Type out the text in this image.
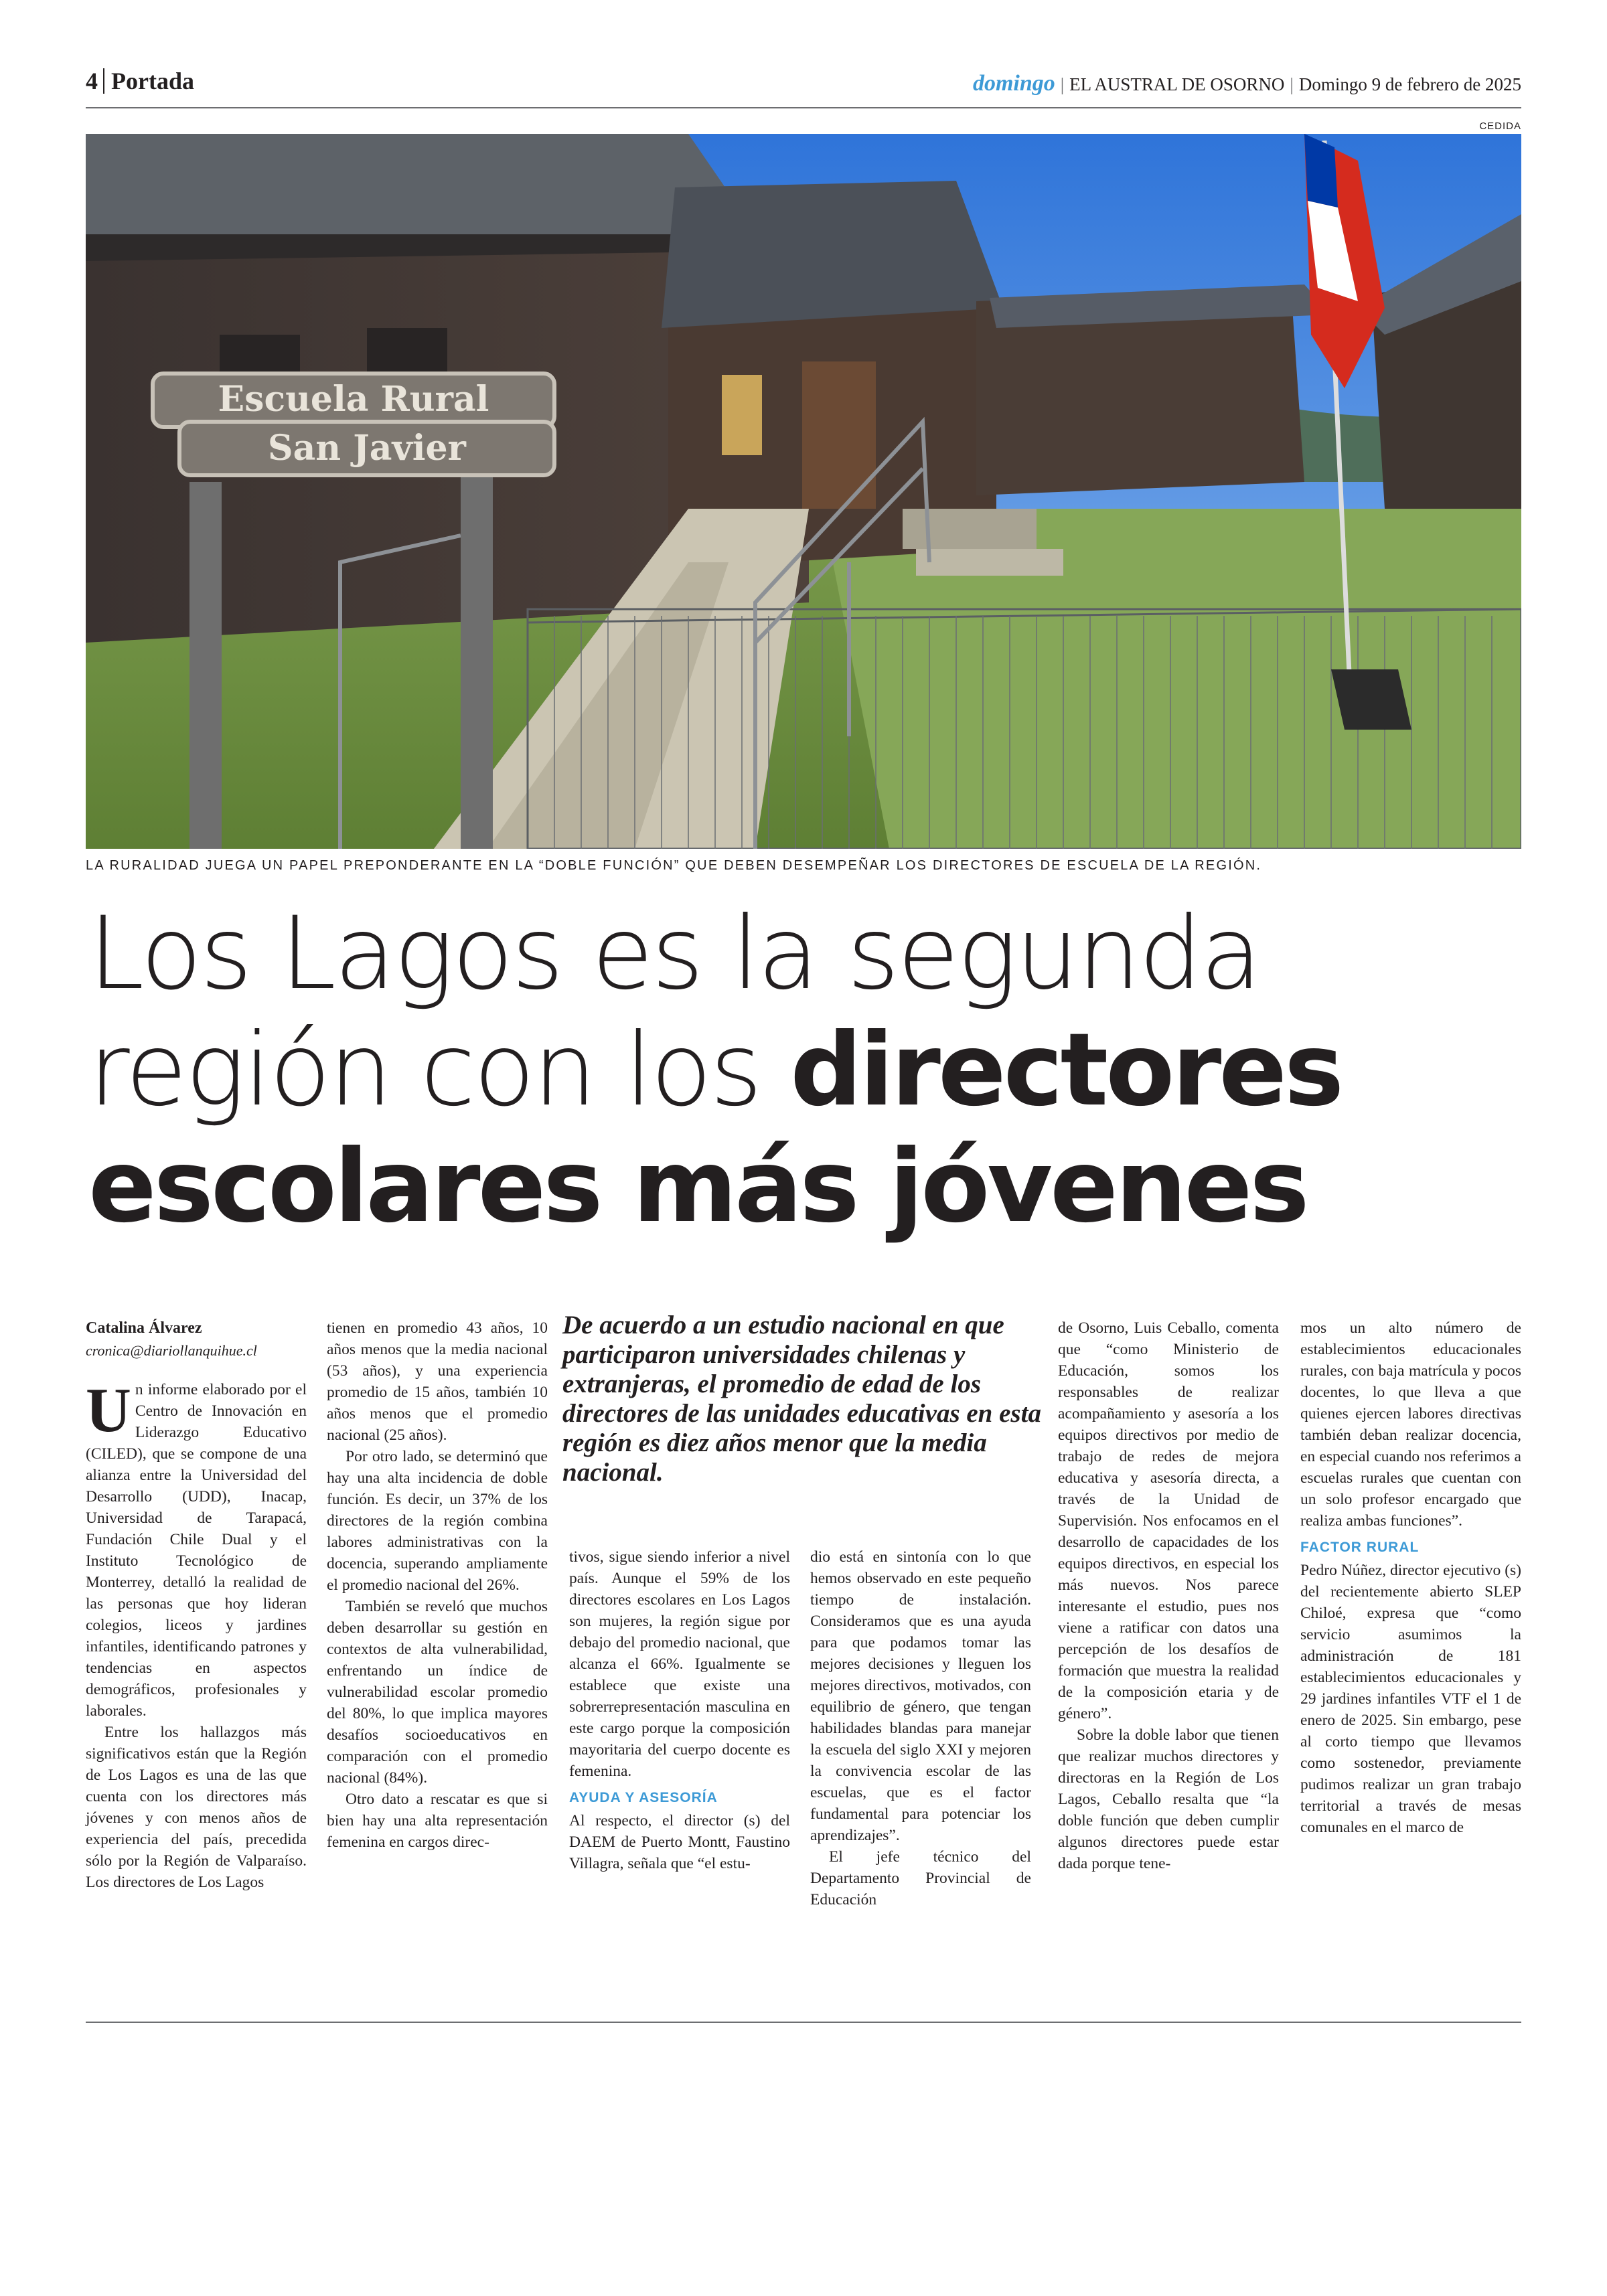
4 Portada	domingo | EL AUSTRAL DE OSORNO | Domingo 9 de febrero de 2025
CEDIDA
Escuela Rural
San Javier
LA RURALIDAD JUEGA UN PAPEL PREPONDERANTE EN LA “DOBLE FUNCIÓN” QUE DEBEN DESEMPEÑAR LOS DIRECTORES DE ESCUELA DE LA REGIÓN.
Los Lagos es la segunda
región con los directores
escolares más jóvenes
Catalina Álvarez
cronica@diariollanquihue.cl

Un informe elaborado por el Centro de Innovación en Liderazgo Educativo (CILED), que se compone de una alianza entre la Universidad del Desarrollo (UDD), Inacap, Universidad de Tarapacá, Fundación Chile Dual y el Instituto Tecnológico de Monterrey, detalló la realidad de las personas que hoy lideran colegios, liceos y jardines infantiles, identificando patrones y tendencias en aspectos demográficos, profesionales y laborales.

Entre los hallazgos más significativos están que la Región de Los Lagos es una de las que cuenta con los directores más jóvenes y con menos años de experiencia del país, precedida sólo por la Región de Valparaíso. Los directores de Los Lagos

tienen en promedio 43 años, 10 años menos que la media nacional (53 años), y una experiencia promedio de 15 años, también 10 años menos que el promedio nacional (25 años).

Por otro lado, se determinó que hay una alta incidencia de doble función. Es decir, un 37% de los directores de la región combina labores administrativas con la docencia, superando ampliamente el promedio nacional del 26%.

También se reveló que muchos deben desarrollar su gestión en contextos de alta vulnerabilidad, enfrentando un índice de vulnerabilidad escolar promedio del 80%, lo que implica mayores desafíos socioeducativos en comparación con el promedio nacional (84%).

Otro dato a rescatar es que si bien hay una alta representación femenina en cargos direc-

De acuerdo a un estudio nacional en que participaron universidades chilenas y extranjeras, el promedio de edad de los directores de las unidades educativas en esta región es diez años menor que la media nacional.

tivos, sigue siendo inferior a nivel país. Aunque el 59% de los directores escolares en Los Lagos son mujeres, la región sigue por debajo del promedio nacional, que alcanza el 66%. Igualmente se establece que existe una sobrerrepresentación masculina en este cargo porque la composición mayoritaria del cuerpo docente es femenina.

AYUDA Y ASESORÍA

Al respecto, el director (s) del DAEM de Puerto Montt, Faustino Villagra, señala que “el estu-

dio está en sintonía con lo que hemos observado en este pequeño tiempo de instalación. Consideramos que es una ayuda para que podamos tomar las mejores decisiones y lleguen los mejores directivos, motivados, con equilibrio de género, que tengan habilidades blandas para manejar la escuela del siglo XXI y mejoren la convivencia escolar de las escuelas, que es el factor fundamental para potenciar los aprendizajes”.

El jefe técnico del Departamento Provincial de Educación

de Osorno, Luis Ceballo, comenta que “como Ministerio de Educación, somos los responsables de realizar acompañamiento y asesoría a los equipos directivos por medio de trabajo de redes de mejora educativa y asesoría directa, a través de la Unidad de Supervisión. Nos enfocamos en el desarrollo de capacidades de los equipos directivos, en especial los más nuevos. Nos parece interesante el estudio, pues nos viene a ratificar con datos una percepción de los desafíos de formación que muestra la realidad de la composición etaria y de género”.

Sobre la doble labor que tienen que realizar muchos directores y directoras en la Región de Los Lagos, Ceballo resalta que “la doble función que deben cumplir algunos directores puede estar dada porque tene-

mos un alto número de establecimientos educacionales rurales, con baja matrícula y pocos docentes, lo que lleva a que quienes ejercen labores directivas también deban realizar docencia, en especial cuando nos referimos a escuelas rurales que cuentan con un solo profesor encargado que realiza ambas funciones”.

FACTOR RURAL

Pedro Núñez, director ejecutivo (s) del recientemente abierto SLEP Chiloé, expresa que “como servicio asumimos la administración de 181 establecimientos educacionales y 29 jardines infantiles VTF el 1 de enero de 2025. Sin embargo, pese al corto tiempo que llevamos como sostenedor, previamente pudimos realizar un gran trabajo territorial a través de mesas comunales en el marco de
